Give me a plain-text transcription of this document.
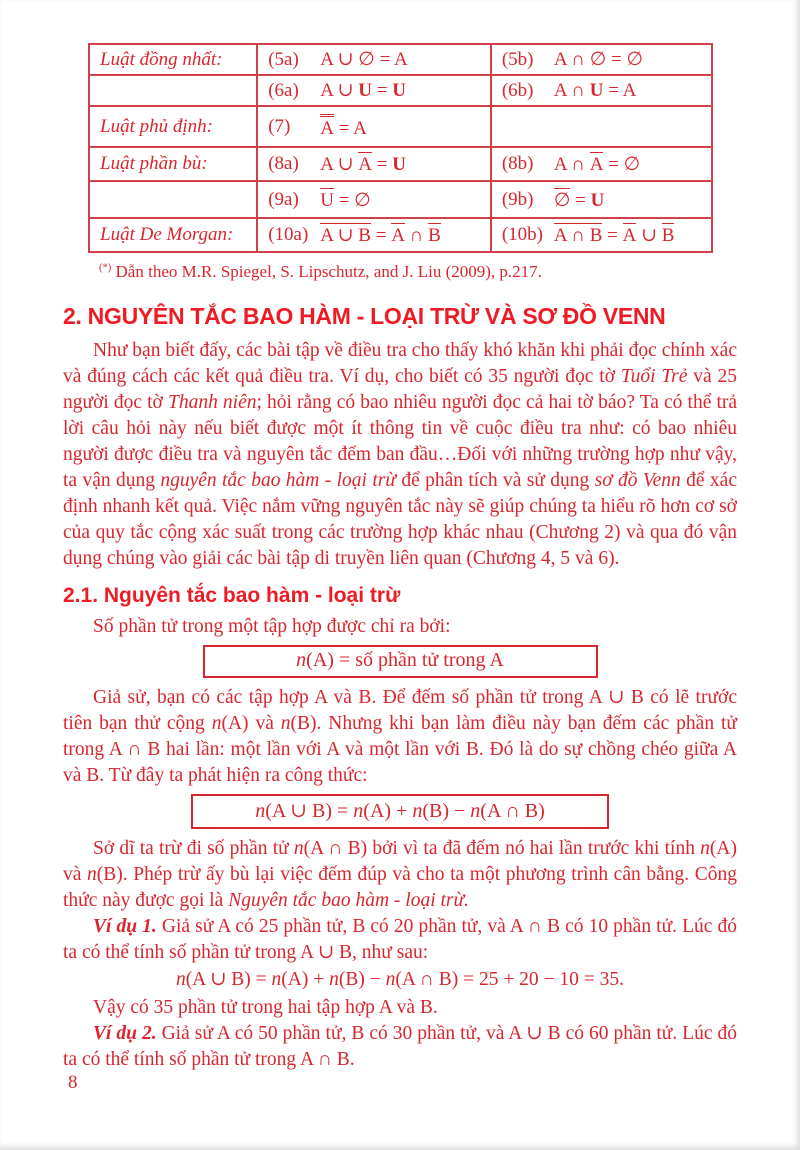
Luật đồng nhất:	(5a) A ∪ ∅ = A	(5b) A ∩ ∅ = ∅

	(6a) A ∪ U = U	(6b) A ∩ U = A

Luật phủ định:	(7) A = A	

Luật phần bù:	(8a) A ∪ A = U	(8b) A ∩ A = ∅

	(9a) U = ∅	(9b) ∅ = U

Luật De Morgan:	(10a) A ∪ B = A ∩ B	(10b) A ∩ B = A ∪ B
(*) Dẫn theo M.R. Spiegel, S. Lipschutz, and J. Liu (2009), p.217.
2. NGUYÊN TẮC BAO HÀM - LOẠI TRỪ VÀ SƠ ĐỒ VENN

Như bạn biết đấy, các bài tập về điều tra cho thấy khó khăn khi phải đọc chính xác và đúng cách các kết quả điều tra. Ví dụ, cho biết có 35 người đọc tờ Tuổi Trẻ và 25 người đọc tờ Thanh niên; hỏi rằng có bao nhiêu người đọc cả hai tờ báo? Ta có thể trả lời câu hỏi này nếu biết được một ít thông tin về cuộc điều tra như: có bao nhiêu người được điều tra và nguyên tắc đếm ban đầu…Đối với những trường hợp như vậy, ta vận dụng nguyên tắc bao hàm - loại trừ để phân tích và sử dụng sơ đồ Venn để xác định nhanh kết quả. Việc nắm vững nguyên tắc này sẽ giúp chúng ta hiểu rõ hơn cơ sở của quy tắc cộng xác suất trong các trường hợp khác nhau (Chương 2) và qua đó vận dụng chúng vào giải các bài tập di truyền liên quan (Chương 4, 5 và 6).

2.1. Nguyên tắc bao hàm - loại trừ

Số phần tử trong một tập hợp được chỉ ra bởi:

n(A) = số phần tử trong A

Giả sử, bạn có các tập hợp A và B. Để đếm số phần tử trong A ∪ B có lẽ trước tiên bạn thử cộng n(A) và n(B). Nhưng khi bạn làm điều này bạn đếm các phần tử trong A ∩ B hai lần: một lần với A và một lần với B. Đó là do sự chồng chéo giữa A và B. Từ đây ta phát hiện ra công thức:

n(A ∪ B) = n(A) + n(B) − n(A ∩ B)

Sở dĩ ta trừ đi số phần tử n(A ∩ B) bởi vì ta đã đếm nó hai lần trước khi tính n(A) và n(B). Phép trừ ấy bù lại việc đếm đúp và cho ta một phương trình cân bằng. Công thức này được gọi là Nguyên tắc bao hàm - loại trừ.

Ví dụ 1. Giả sử A có 25 phần tử, B có 20 phần tử, và A ∩ B có 10 phần tử. Lúc đó ta có thể tính số phần tử trong A ∪ B, như sau:

n(A ∪ B) = n(A) + n(B) − n(A ∩ B) = 25 + 20 − 10 = 35.

Vậy có 35 phần tử trong hai tập hợp A và B.

Ví dụ 2. Giả sử A có 50 phần tử, B có 30 phần tử, và A ∪ B có 60 phần tử. Lúc đó ta có thể tính số phần tử trong A ∩ B.

8
